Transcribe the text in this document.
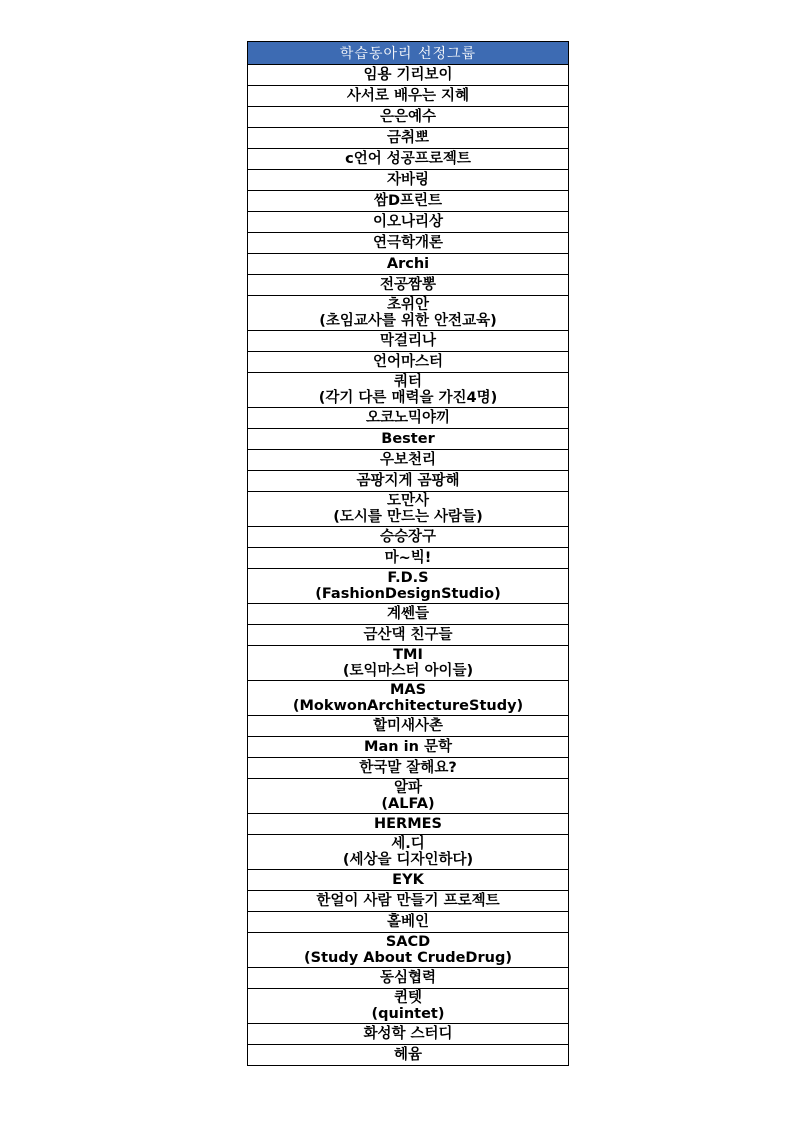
학습동아리 선정그룹
임용 기리보이
사서로 배우는 지혜
은은예수
금취뽀
c언어 성공프로젝트
자바링
쌈D프린트
이오나리상
연극학개론
Archi
전공짬뽕
초위안
(초임교사를 위한 안전교육)
막걸리나
언어마스터
쿼터
(각기 다른 매력을 가진4명)
오코노믹야끼
Bester
우보천리
곰팡지게 곰팡해
도만사
(도시를 만드는 사람들)
승승장구
마~빅!
F.D.S
(FashionDesignStudio)
계쎈들
금산댁 친구들
TMI
(토익마스터 아이들)
MAS
(MokwonArchitectureStudy)
할미새사촌
Man in 문학
한국말 잘해요?
알파
(ALFA)
HERMES
세.디
(세상을 디자인하다)
EYK
한얼이 사람 만들기 프로젝트
홀베인
SACD
(Study About CrudeDrug)
동심협력
퀸텟
(quintet)
화성학 스터디
헤윰
